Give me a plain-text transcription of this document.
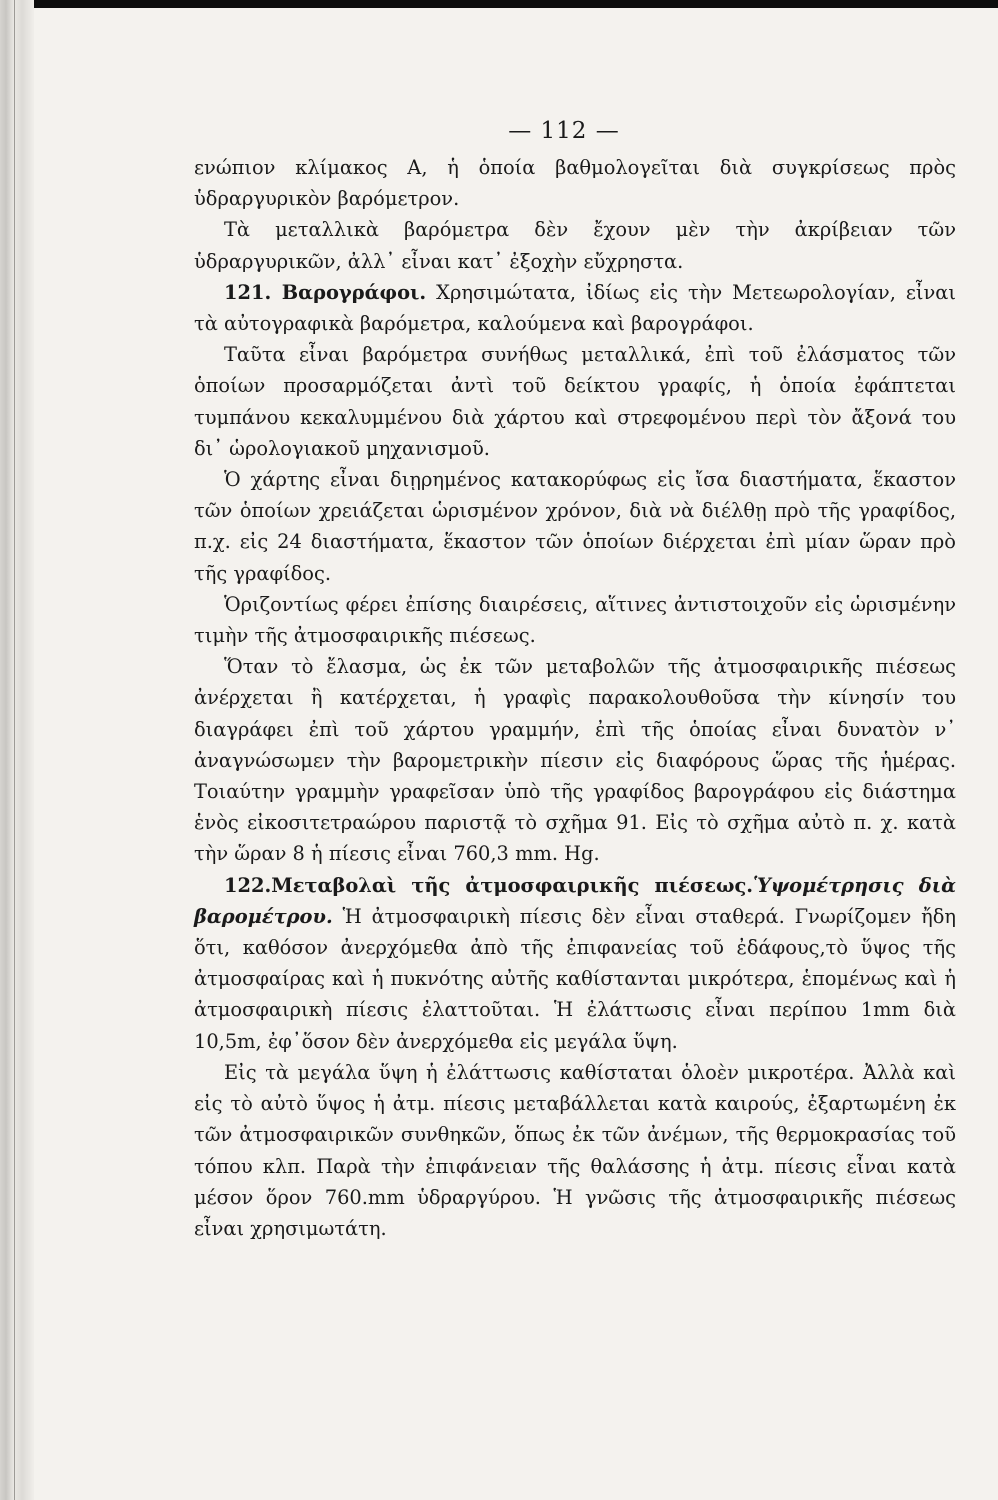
— 112 —

ενώπιον κλίμακος Α, ἡ ὁποία βαθμολογεῖται διὰ συγκρίσεως πρὸς ὑδραργυρικὸν βαρόμετρον.

Τὰ μεταλλικὰ βαρόμετρα δὲν ἔχουν μὲν τὴν ἀκρίβειαν τῶν ὑδραργυρικῶν, ἀλλ᾿ εἶναι κατ᾿ ἐξοχὴν εὔχρηστα.

121. Βαρογράφοι. Χρησιμώτατα, ἰδίως εἰς τὴν Μετεωρολογίαν, εἶναι τὰ αὐτογραφικὰ βαρόμετρα, καλούμενα καὶ βαρογράφοι.

Ταῦτα εἶναι βαρόμετρα συνήθως μεταλλικά, ἐπὶ τοῦ ἐλάσματος τῶν ὁποίων προσαρμόζεται ἀντὶ τοῦ δείκτου γραφίς, ἡ ὁποία ἐφάπτεται τυμπάνου κεκαλυμμένου διὰ χάρτου καὶ στρεφομένου περὶ τὸν ἄξονά του δι᾿ ὡρολογιακοῦ μηχανισμοῦ.

Ὁ χάρτης εἶναι διῃρημένος κατακορύφως εἰς ἴσα διαστήματα, ἕκαστον τῶν ὁποίων χρειάζεται ὡρισμένον χρόνον, διὰ νὰ διέλθῃ πρὸ τῆς γραφίδος, π.χ. εἰς 24 διαστήματα, ἕκαστον τῶν ὁποίων διέρχεται ἐπὶ μίαν ὥραν πρὸ τῆς γραφίδος.

Ὁριζοντίως φέρει ἐπίσης διαιρέσεις, αἵτινες ἀντιστοιχοῦν εἰς ὡρισμένην τιμὴν τῆς ἀτμοσφαιρικῆς πιέσεως.

Ὅταν τὸ ἔλασμα, ὡς ἐκ τῶν μεταβολῶν τῆς ἀτμοσφαιρικῆς πιέσεως ἀνέρχεται ἢ κατέρχεται, ἡ γραφὶς παρακολουθοῦσα τὴν κίνησίν του διαγράφει ἐπὶ τοῦ χάρτου γραμμήν, ἐπὶ τῆς ὁποίας εἶναι δυνατὸν ν᾿ ἀναγνώσωμεν τὴν βαρομετρικὴν πίεσιν εἰς διαφόρους ὥρας τῆς ἡμέρας. Τοιαύτην γραμμὴν γραφεῖσαν ὑπὸ τῆς γραφίδος βαρογράφου εἰς διάστημα ἑνὸς εἰκοσιτετραώρου παριστᾷ τὸ σχῆμα 91. Εἰς τὸ σχῆμα αὐτὸ π. χ. κατὰ τὴν ὥραν 8 ἡ πίεσις εἶναι 760,3 mm. Hg.

122.Μεταβολαὶ τῆς ἀτμοσφαιρικῆς πιέσεως.Ὑψομέτρησις διὰ βαρομέτρου. Ἡ ἀτμοσφαιρικὴ πίεσις δὲν εἶναι σταθερά. Γνωρίζομεν ἤδη ὅτι, καθόσον ἀνερχόμεθα ἀπὸ τῆς ἐπιφανείας τοῦ ἐδάφους,τὸ ὕψος τῆς ἀτμοσφαίρας καὶ ἡ πυκνότης αὐτῆς καθίστανται μικρότερα, ἑπομένως καὶ ἡ ἀτμοσφαιρικὴ πίεσις ἐλαττοῦται. Ἡ ἐλάττωσις εἶναι περίπου 1mm διὰ 10,5m, ἐφ᾿ὅσον δὲν ἀνερχόμεθα εἰς μεγάλα ὕψη.

Εἰς τὰ μεγάλα ὕψη ἡ ἐλάττωσις καθίσταται ὁλοὲν μικροτέρα. Ἀλλὰ καὶ εἰς τὸ αὐτὸ ὕψος ἡ ἀτμ. πίεσις μεταβάλλεται κατὰ καιρούς, ἐξαρτωμένη ἐκ τῶν ἀτμοσφαιρικῶν συνθηκῶν, ὅπως ἐκ τῶν ἀνέμων, τῆς θερμοκρασίας τοῦ τόπου κλπ. Παρὰ τὴν ἐπιφάνειαν τῆς θαλάσσης ἡ ἀτμ. πίεσις εἶναι κατὰ μέσον ὅρον 760.mm ὑδραργύρου. Ἡ γνῶσις τῆς ἀτμοσφαιρικῆς πιέσεως εἶναι χρησιμωτάτη.
